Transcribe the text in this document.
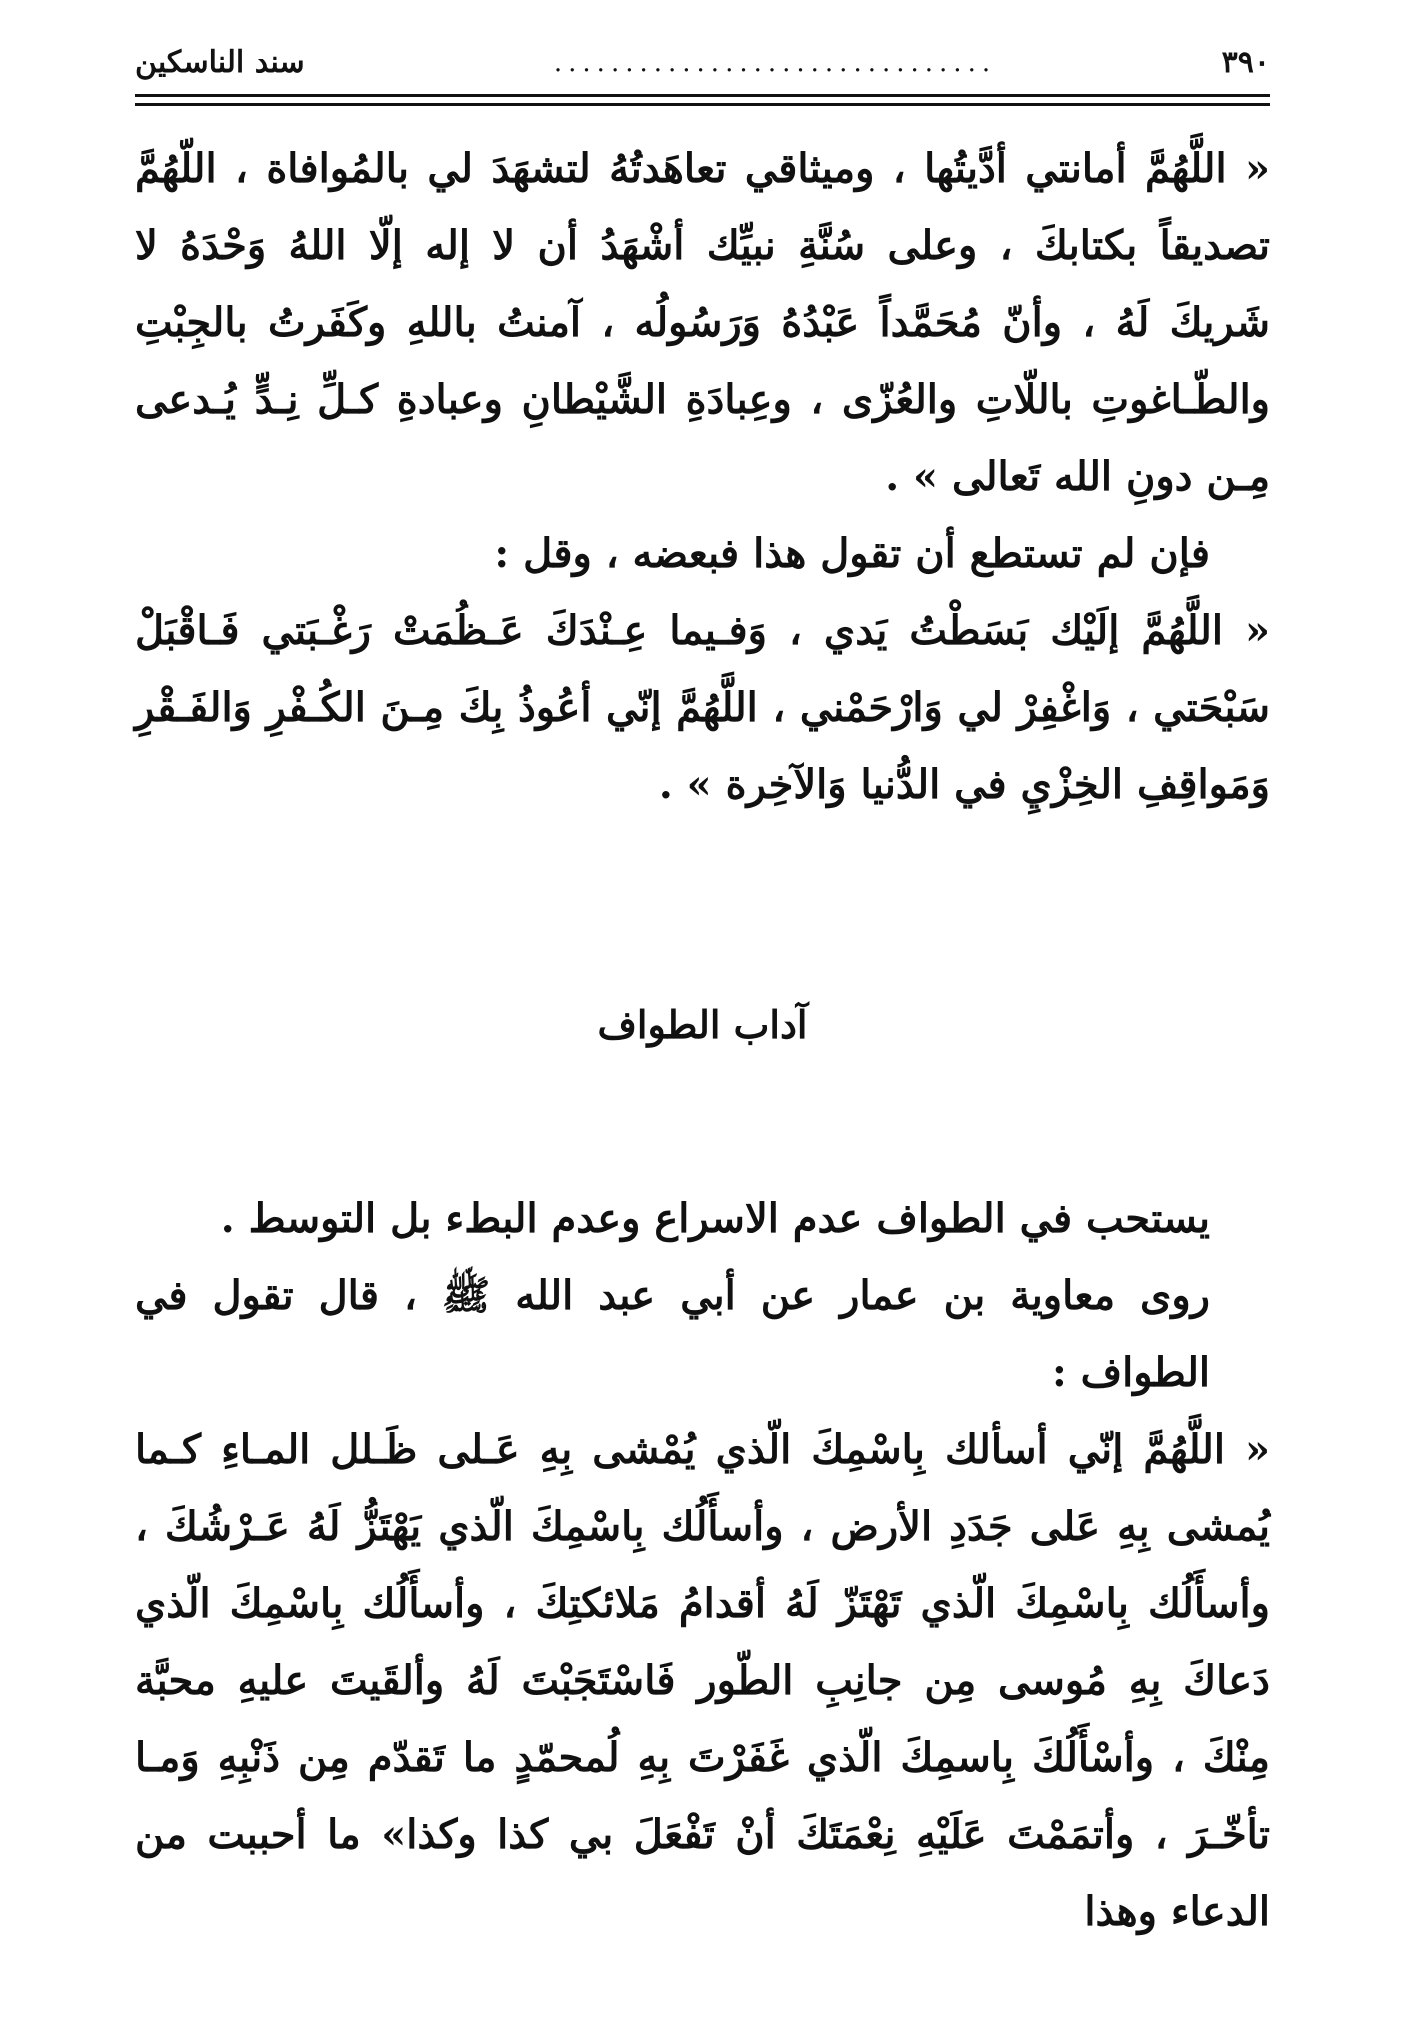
٣٩٠
...............................
سند الناسكين

« اللَّهُمَّ أمانتي أدَّيتُها ، وميثاقي تعاهَدتُهُ لتشهَدَ لي بالمُوافاة ، اللّهُمَّ تصديقاً بكتابكَ ، وعلى سُنَّةِ نبيِّك أشْهَدُ أن لا إله إلّا اللهُ وَحْدَهُ لا شَريكَ لَهُ ، وأنّ مُحَمَّداً عَبْدُهُ وَرَسُولُه ، آمنتُ باللهِ وكَفَرتُ بالجِبْتِ والطّـاغوتِ باللّاتِ والعُزّى ، وعِبادَةِ الشَّيْطانِ وعبادةِ كـلِّ نِـدٍّ يُـدعى مِـن دونِ الله تَعالى » .

فإن لم تستطع أن تقول هذا فبعضه ، وقل :

« اللَّهُمَّ إلَيْك بَسَطْتُ يَدي ، وَفـيما عِـنْدَكَ عَـظُمَتْ رَغْـبَتي فَـاقْبَلْ سَبْحَتي ، وَاغْفِرْ لي وَارْحَمْني ، اللَّهُمَّ إنّي أعُوذُ بِكَ مِـنَ الكُـفْرِ وَالفَـقْرِ وَمَواقِفِ الخِزْيِ في الدُّنيا وَالآخِرة » .

آداب الطواف

يستحب في الطواف عدم الاسراع وعدم البطء بل التوسط .

روى معاوية بن عمار عن أبي عبد الله ﷺ ، قال تقول في الطواف :

« اللَّهُمَّ إنّي أسألك بِاسْمِكَ الّذي يُمْشى بِهِ عَـلى ظَـلل المـاءِ كـما يُمشى بِهِ عَلى جَدَدِ الأرض ، وأسأَلُك بِاسْمِكَ الّذي يَهْتَزُّ لَهُ عَـرْشُكَ ، وأسأَلُك بِاسْمِكَ الّذي تَهْتَزّ لَهُ أقدامُ مَلائكتِكَ ، وأسأَلُك بِاسْمِكَ الّذي دَعاكَ بِهِ مُوسى مِن جانِبِ الطّور فَاسْتَجَبْتَ لَهُ وألقَيتَ عليهِ محبَّة مِنْكَ ، وأسْأَلُكَ بِاسمِكَ الّذي غَفَرْتَ بِهِ لُمحمّدٍ ما تَقدّم مِن ذَنْبِهِ وَمـا تأخّـرَ ، وأتمَمْتَ عَلَيْهِ نِعْمَتَكَ أنْ تَفْعَلَ بي كذا وكذا» ما أحببت من الدعاء وهذا
